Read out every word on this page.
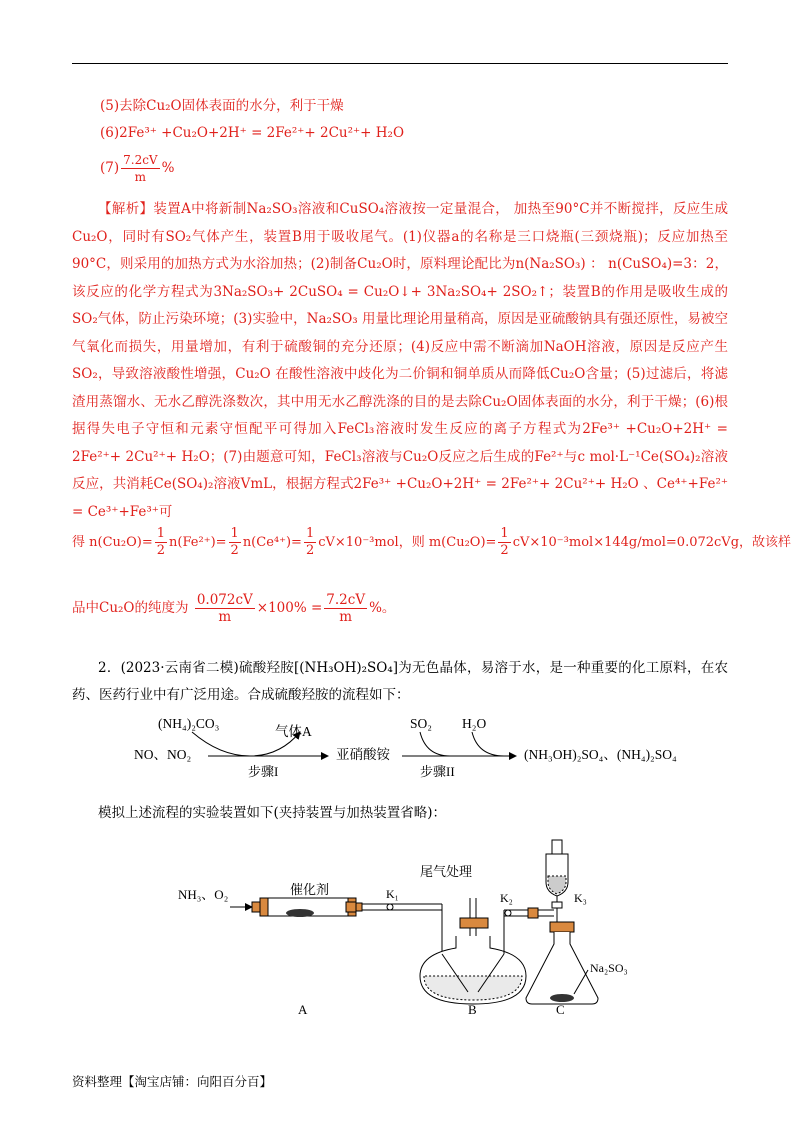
(5)去除Cu₂O固体表面的水分，利于干燥
(6)2Fe³⁺ +Cu₂O+2H⁺ = 2Fe²⁺+ 2Cu²⁺+ H₂O
$(7) \frac{7.2cV}{m}$ %
【解析】装置A中将新制Na₂SO₃溶液和CuSO₄溶液按一定量混合， 加热至90°C并不断搅拌，反应生成Cu₂O，同时有SO₂气体产生，装置B用于吸收尾气。(1)仪器a的名称是三口烧瓶(三颈烧瓶)；反应加热至90°C，则采用的加热方式为水浴加热；(2)制备Cu₂O时，原料理论配比为n(Na₂SO₃) ： n(CuSO₄)=3：2，该反应的化学方程式为3Na₂SO₃+ 2CuSO₄ = Cu₂O↓+ 3Na₂SO₄+ 2SO₂↑；装置B的作用是吸收生成的 SO₂气体，防止污染环境；(3)实验中，Na₂SO₃ 用量比理论用量稍高，原因是亚硫酸钠具有强还原性，易被空气氧化而损失，用量增加，有利于硫酸铜的充分还原；(4)反应中需不断滴加NaOH溶液，原因是反应产生SO₂，导致溶液酸性增强，Cu₂O 在酸性溶液中歧化为二价铜和铜单质从而降低Cu₂O含量；(5)过滤后，将滤渣用蒸馏水、无水乙醇洗涤数次，其中用无水乙醇洗涤的目的是去除Cu₂O固体表面的水分，利于干燥；(6)根据得失电子守恒和元素守恒配平可得加入FeCl₃溶液时发生反应的离子方程式为2Fe³⁺ +Cu₂O+2H⁺ = 2Fe²⁺+ 2Cu²⁺+ H₂O；(7)由题意可知，FeCl₃溶液与Cu₂O反应之后生成的Fe²⁺与c mol·L⁻¹Ce(SO₄)₂溶液反应，共消耗Ce(SO₄)₂溶液VmL，根据方程式2Fe³⁺ +Cu₂O+2H⁺ = 2Fe²⁺+ 2Cu²⁺+ H₂O 、Ce⁴⁺+Fe²⁺ = Ce³⁺+Fe³⁺可
得 $n(Cu_2O)= \frac{1}{2} n(Fe^{2+})= \frac{1}{2} n(Ce^{4+})= \frac{1}{2} cV\times 10^{-3}mol$，则 $m(Cu_2O)= \frac{1}{2} cV\times 10^{-3}mol\times 144g/mol=0.072cVg$，故该样
品中Cu₂O的纯度为 $\frac{0.072cV}{m} \times 100\% = \frac{7.2cV}{m}$ %。
2．(2023·云南省二模)硫酸羟胺[(NH₃OH)₂SO₄]为无色晶体，易溶于水，是一种重要的化工原料，在农药、医药行业中有广泛用途。合成硫酸羟胺的流程如下：
(NH₄)₂CO₃
气体A
NO、NO₂
步骤I
亚硝酸铵
SO₂ H₂O
步骤II
(NH₃OH)₂SO₄、(NH₄)₂SO₄
模拟上述流程的实验装置如下(夹持装置与加热装置省略)：
NH₃、O₂	催化剂	K₁
尾气处理
K₂	K₃
Na₂SO₃
A	B	C
资料整理【淘宝店铺：向阳百分百】
